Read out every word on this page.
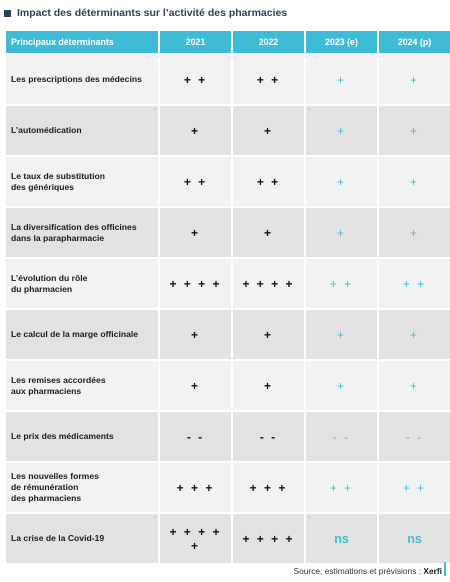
Impact des déterminants sur l’activité des pharmacies
Principaux déterminants	2021	2022	2023 (e)	2024 (p)
Les prescriptions des médecins	+ +	+ +	+	+
L’automédication	+	+	+	+
Le taux de substitution
des génériques	+ +	+ +	+	+
La diversification des officines
dans la parapharmacie	+	+	+	+
L’évolution du rôle
du pharmacien	+ + + +	+ + + +	+ +	+ +
Le calcul de la marge officinale	+	+	+	+
Les remises accordées
aux pharmaciens	+	+	+	+
Le prix des médicaments	- -	- -	- -	- -
Les nouvelles formes
de rémunération
des pharmaciens	+ + +	+ + +	+ +	+ +
La crise de la Covid-19	+ + + + +	+ + + +	ns	ns
Source, estimations et prévisions : Xerfi
